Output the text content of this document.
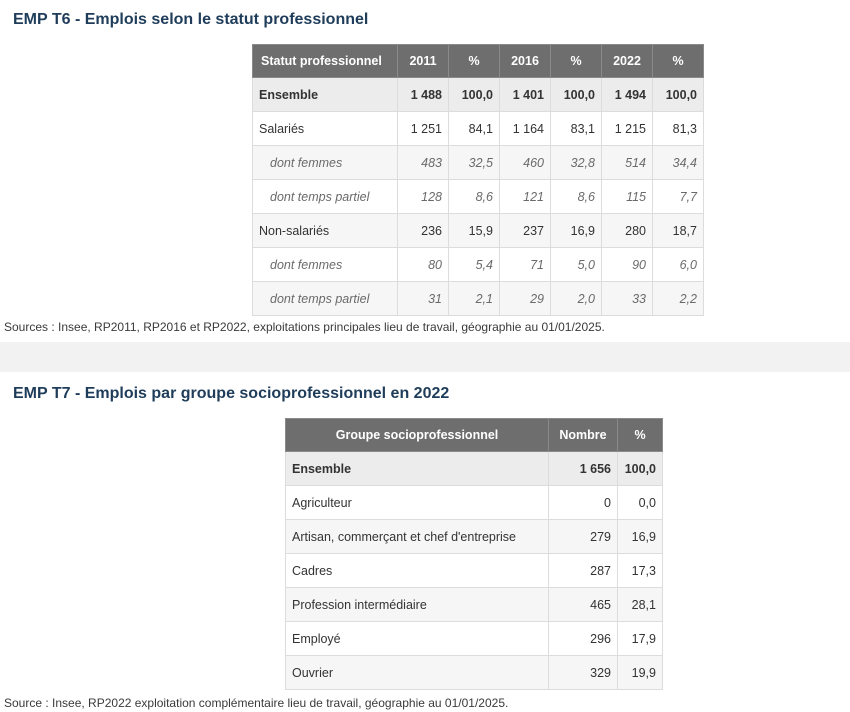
EMP T6 - Emplois selon le statut professionnel
Statut professionnel	2011	%	2016	%	2022	%
Ensemble	1 488	100,0	1 401	100,0	1 494	100,0
Salariés	1 251	84,1	1 164	83,1	1 215	81,3
dont femmes	483	32,5	460	32,8	514	34,4
dont temps partiel	128	8,6	121	8,6	115	7,7
Non-salariés	236	15,9	237	16,9	280	18,7
dont femmes	80	5,4	71	5,0	90	6,0
dont temps partiel	31	2,1	29	2,0	33	2,2
Sources : Insee, RP2011, RP2016 et RP2022, exploitations principales lieu de travail, géographie au 01/01/2025.
EMP T7 - Emplois par groupe socioprofessionnel en 2022
Groupe socioprofessionnel	Nombre	%
Ensemble	1 656	100,0
Agriculteur	0	0,0
Artisan, commerçant et chef d'entreprise	279	16,9
Cadres	287	17,3
Profession intermédiaire	465	28,1
Employé	296	17,9
Ouvrier	329	19,9
Source : Insee, RP2022 exploitation complémentaire lieu de travail, géographie au 01/01/2025.
